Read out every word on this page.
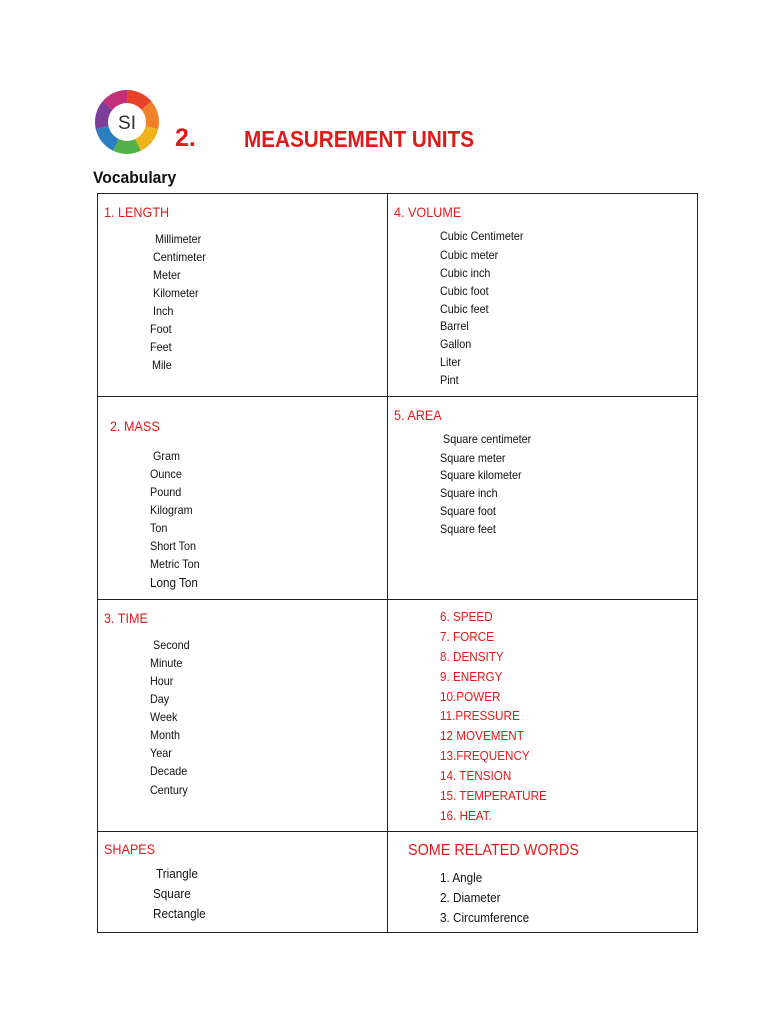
SI
2. MEASUREMENT UNITS
Vocabulary
1. LENGTH
Millimeter
Centimeter
Meter
Kilometer
Inch
Foot
Feet
Mile
4. VOLUME
Cubic Centimeter
Cubic meter
Cubic inch
Cubic foot
Cubic feet
Barrel
Gallon
Liter
Pint
2. MASS
Gram
Ounce
Pound
Kilogram
Ton
Short Ton
Metric Ton
Long Ton
5. AREA
Square centimeter
Square meter
Square kilometer
Square inch
Square foot
Square feet
3. TIME
Second
Minute
Hour
Day
Week
Month
Year
Decade
Century
6. SPEED
7. FORCE
8. DENSITY
9. ENERGY
10.POWER
11.PRESSURE
12 MOVEMENT
13.FREQUENCY
14. TENSION
15. TEMPERATURE
16. HEAT.
SHAPES
Triangle
Square
Rectangle
SOME RELATED WORDS
1. Angle
2. Diameter
3. Circumference
